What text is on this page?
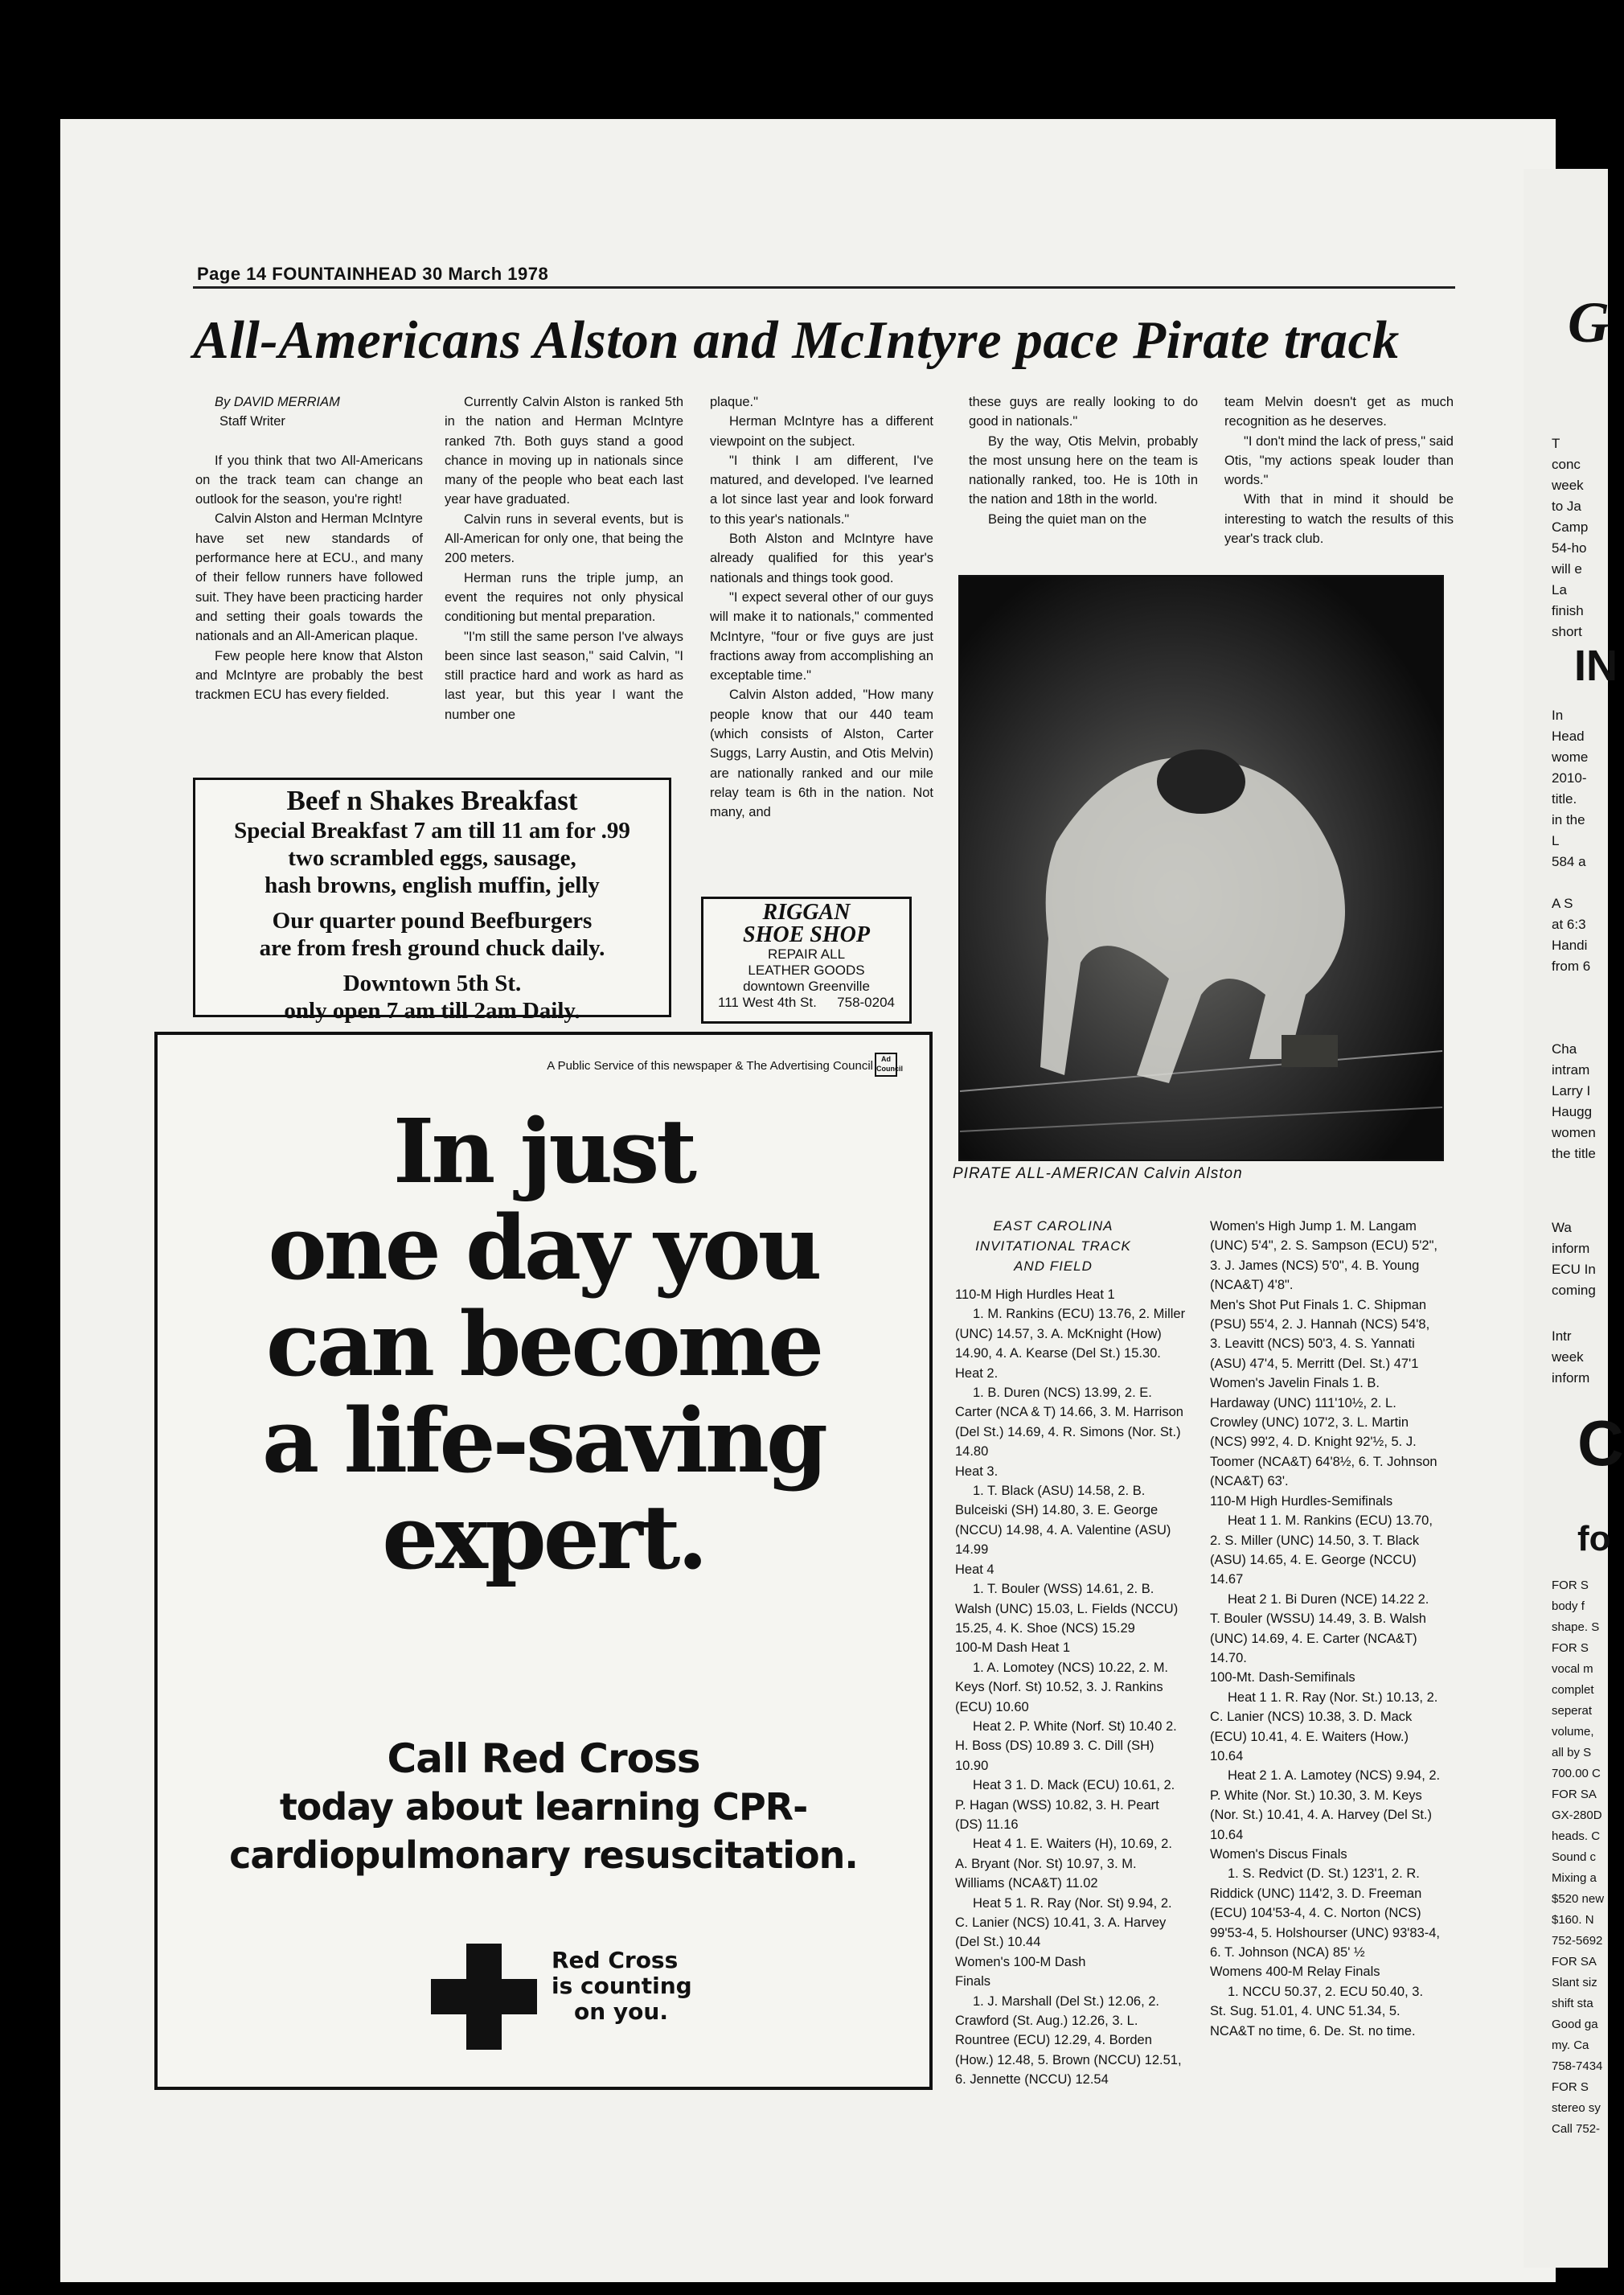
Page 14 FOUNTAINHEAD 30 March 1978
All-Americans Alston and McIntyre pace Pirate track

By DAVID MERRIAM

Staff Writer

If you think that two All-Americans on the track team can change an outlook for the season, you're right!

Calvin Alston and Herman McIntyre have set new standards of performance here at ECU., and many of their fellow runners have followed suit. They have been practicing harder and setting their goals towards the nationals and an All-American plaque.

Few people here know that Alston and McIntyre are probably the best trackmen ECU has every fielded.

Currently Calvin Alston is ranked 5th in the nation and Herman McIntyre ranked 7th. Both guys stand a good chance in moving up in nationals since many of the people who beat each last year have graduated.

Calvin runs in several events, but is All-American for only one, that being the 200 meters.

Herman runs the triple jump, an event the requires not only physical conditioning but mental preparation.

"I'm still the same person I've always been since last season," said Calvin, "I still practice hard and work as hard as last year, but this year I want the number one

plaque."

Herman McIntyre has a different viewpoint on the subject.

"I think I am different, I've matured, and developed. I've learned a lot since last year and look forward to this year's nationals."

Both Alston and McIntyre have already qualified for this year's nationals and things took good.

"I expect several other of our guys will make it to nationals," commented McIntyre, "four or five guys are just fractions away from accomplishing an exceptable time."

Calvin Alston added, "How many people know that our 440 team (which consists of Alston, Carter Suggs, Larry Austin, and Otis Melvin) are nationally ranked and our mile relay team is 6th in the nation. Not many, and

these guys are really looking to do good in nationals."

By the way, Otis Melvin, probably the most unsung here on the team is nationally ranked, too. He is 10th in the nation and 18th in the world.

Being the quiet man on the

team Melvin doesn't get as much recognition as he deserves.

"I don't mind the lack of press," said Otis, "my actions speak louder than words."

With that in mind it should be interesting to watch the results of this year's track club.

Beef n Shakes Breakfast
Special Breakfast 7 am till 11 am for .99
two scrambled eggs, sausage,
hash browns, english muffin, jelly
Our quarter pound Beefburgers
are from fresh ground chuck daily.
Downtown 5th St.
only open 7 am till 2am Daily.
RIGGAN
SHOE SHOP
REPAIR ALL
LEATHER GOODS
downtown Greenville
111 West 4th St. 758-0204
A Public Service of this newspaper & The Advertising Council	Ad Council
In just
one day you
can become
a life-saving
expert.
Call Red Cross
today about learning CPR-
cardiopulmonary resuscitation.
Red Cross
is counting
on you.
PIRATE ALL-AMERICAN Calvin Alston
EAST CAROLINA
INVITATIONAL TRACK
AND FIELD
110-M High Hurdles Heat 1
1. M. Rankins (ECU) 13.76, 2. Miller (UNC) 14.57, 3. A. McKnight (How) 14.90, 4. A. Kearse (Del St.) 15.30.
Heat 2.
1. B. Duren (NCS) 13.99, 2. E. Carter (NCA & T) 14.66, 3. M. Harrison (Del St.) 14.69, 4. R. Simons (Nor. St.) 14.80
Heat 3.
1. T. Black (ASU) 14.58, 2. B. Bulceiski (SH) 14.80, 3. E. George (NCCU) 14.98, 4. A. Valentine (ASU) 14.99
Heat 4
1. T. Bouler (WSS) 14.61, 2. B. Walsh (UNC) 15.03, L. Fields (NCCU) 15.25, 4. K. Shoe (NCS) 15.29
100-M Dash Heat 1
1. A. Lomotey (NCS) 10.22, 2. M. Keys (Norf. St) 10.52, 3. J. Rankins (ECU) 10.60
Heat 2. P. White (Norf. St) 10.40 2. H. Boss (DS) 10.89 3. C. Dill (SH) 10.90
Heat 3 1. D. Mack (ECU) 10.61, 2. P. Hagan (WSS) 10.82, 3. H. Peart (DS) 11.16
Heat 4 1. E. Waiters (H), 10.69, 2. A. Bryant (Nor. St) 10.97, 3. M. Williams (NCA&T) 11.02
Heat 5 1. R. Ray (Nor. St) 9.94, 2. C. Lanier (NCS) 10.41, 3. A. Harvey (Del St.) 10.44
Women's 100-M Dash
Finals
1. J. Marshall (Del St.) 12.06, 2. Crawford (St. Aug.) 12.26, 3. L. Rountree (ECU) 12.29, 4. Borden (How.) 12.48, 5. Brown (NCCU) 12.51, 6. Jennette (NCCU) 12.54
Women's High Jump 1. M. Langam (UNC) 5'4", 2. S. Sampson (ECU) 5'2", 3. J. James (NCS) 5'0", 4. B. Young (NCA&T) 4'8".
Men's Shot Put Finals 1. C. Shipman (PSU) 55'4, 2. J. Hannah (NCS) 54'8, 3. Leavitt (NCS) 50'3, 4. S. Yannati (ASU) 47'4, 5. Merritt (Del. St.) 47'1
Women's Javelin Finals 1. B. Hardaway (UNC) 111'10½, 2. L. Crowley (UNC) 107'2, 3. L. Martin (NCS) 99'2, 4. D. Knight 92'½, 5. J. Toomer (NCA&T) 64'8½, 6. T. Johnson (NCA&T) 63'.
110-M High Hurdles-Semifinals
Heat 1 1. M. Rankins (ECU) 13.70, 2. S. Miller (UNC) 14.50, 3. T. Black (ASU) 14.65, 4. E. George (NCCU) 14.67
Heat 2 1. Bi Duren (NCE) 14.22 2. T. Bouler (WSSU) 14.49, 3. B. Walsh (UNC) 14.69, 4. E. Carter (NCA&T) 14.70.
100-Mt. Dash-Semifinals
Heat 1 1. R. Ray (Nor. St.) 10.13, 2. C. Lanier (NCS) 10.38, 3. D. Mack (ECU) 10.41, 4. E. Waiters (How.) 10.64
Heat 2 1. A. Lamotey (NCS) 9.94, 2. P. White (Nor. St.) 10.30, 3. M. Keys (Nor. St.) 10.41, 4. A. Harvey (Del St.) 10.64
Women's Discus Finals
1. S. Redvict (D. St.) 123'1, 2. R. Riddick (UNC) 114'2, 3. D. Freeman (ECU) 104'53-4, 4. C. Norton (NCS) 99'53-4, 5. Holshourser (UNC) 93'83-4, 6. T. Johnson (NCA) 85' ½
Womens 400-M Relay Finals
1. NCCU 50.37, 2. ECU 50.40, 3. St. Sug. 51.01, 4. UNC 51.34, 5. NCA&T no time, 6. De. St. no time.
G
T
conc
week
to Ja
Camp
54-ho
will e
La
finish
short
IN
In
Head
wome
2010-
title.
in the
L
584 a
A S
at 6:3
Handi
from 6
Cha
intram
Larry I
Haugg
women
the title
Wa
inform
ECU In
coming
Intr
week
inform
C
fo
FOR S
body f
shape. S
FOR S
vocal m
complet
seperat
volume,
all by S
700.00 C
FOR SA
GX-280D
heads. C
Sound c
Mixing a
$520 new
$160. N
752-5692
FOR SA
Slant siz
shift sta
Good ga
my. Ca
758-7434
FOR S
stereo sy
Call 752-
